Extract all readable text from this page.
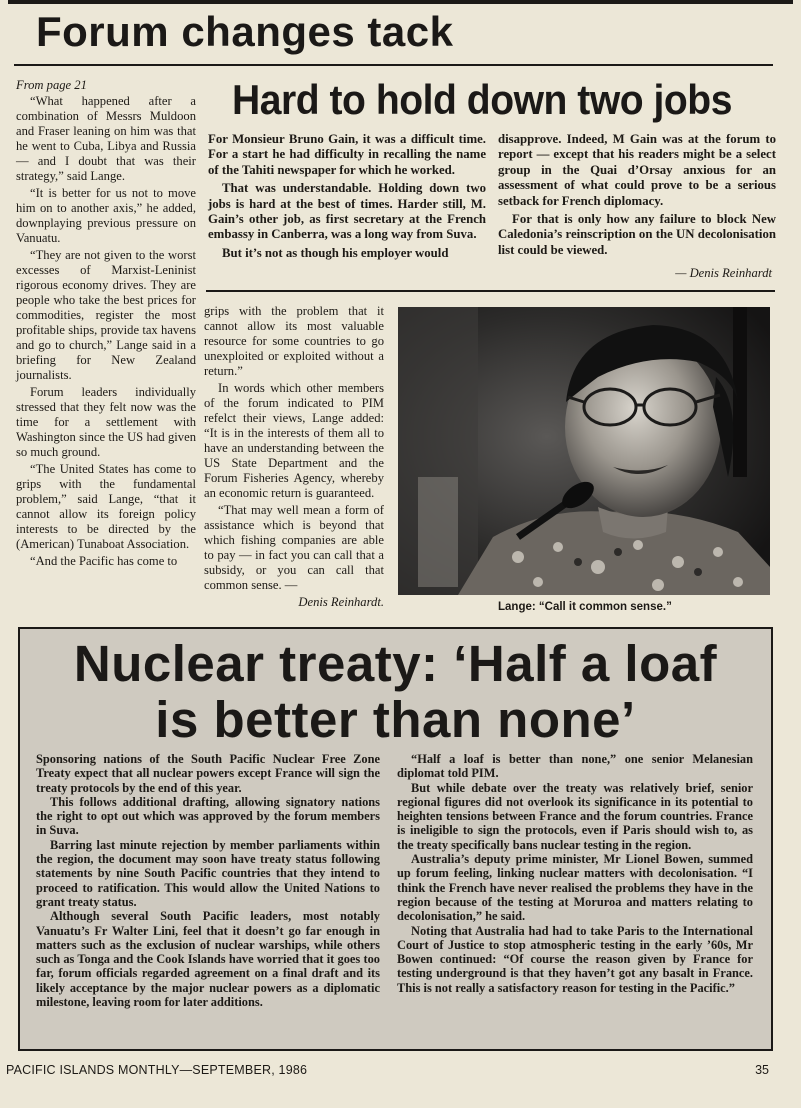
Forum changes tack

From page 21

“What happened after a combination of Messrs Muldoon and Fraser leaning on him was that he went to Cuba, Libya and Russia — and I doubt that was their strategy,” said Lange.

“It is better for us not to move him on to another axis,” he added, downplaying previous pressure on Vanuatu.

“They are not given to the worst excesses of Marxist-Leninist rigorous economy drives. They are people who take the best prices for commodities, register the most profitable ships, provide tax havens and go to church,” Lange said in a briefing for New Zealand journalists.

Forum leaders individually stressed that they felt now was the time for a settlement with Washington since the US had given so much ground.

“The United States has come to grips with the fundamental problem,” said Lange, “that it cannot allow its foreign policy interests to be directed by the (American) Tunaboat Association.

“And the Pacific has come to

Hard to hold down two jobs

For Monsieur Bruno Gain, it was a difficult time. For a start he had difficulty in recalling the name of the Tahiti newspaper for which he worked.

That was understandable. Holding down two jobs is hard at the best of times. Harder still, M. Gain’s other job, as first secretary at the French embassy in Canberra, was a long way from Suva.

But it’s not as though his employer would

disapprove. Indeed, M Gain was at the forum to report — except that his readers might be a select group in the Quai d’Orsay anxious for an assessment of what could prove to be a serious setback for French diplomacy.

For that is only how any failure to block New Caledonia’s reinscription on the UN decolonisation list could be viewed.

— Denis Reinhardt

grips with the problem that it cannot allow its most valuable resource for some countries to go unexploited or exploited without a return.”

In words which other members of the forum indicated to PIM refelct their views, Lange added: “It is in the interests of them all to have an understanding between the US State Department and the Forum Fisheries Agency, whereby an economic return is guaranteed.

“That may well mean a form of assistance which is beyond that which fishing companies are able to pay — in fact you can call that a subsidy, or you can call that common sense. —

Denis Reinhardt.	Lange: “Call it common sense.”
Nuclear treaty: ‘Half a loaf
is better than none’

Sponsoring nations of the South Pacific Nuclear Free Zone Treaty expect that all nuclear powers except France will sign the treaty protocols by the end of this year.

This follows additional drafting, allowing signatory nations the right to opt out which was approved by the forum members in Suva.

Barring last minute rejection by member parliaments within the region, the document may soon have treaty status following statements by nine South Pacific countries that they intend to proceed to ratification. This would allow the United Nations to grant treaty status.

Although several South Pacific leaders, most notably Vanuatu’s Fr Walter Lini, feel that it doesn’t go far enough in matters such as the exclusion of nuclear warships, while others such as Tonga and the Cook Islands have worried that it goes too far, forum officials regarded agreement on a final draft and its likely acceptance by the major nuclear powers as a diplomatic milestone, leaving room for later additions.

“Half a loaf is better than none,” one senior Melanesian diplomat told PIM.

But while debate over the treaty was relatively brief, senior regional figures did not overlook its significance in its potential to heighten tensions between France and the forum countries. France is ineligible to sign the protocols, even if Paris should wish to, as the treaty specifically bans nuclear testing in the region.

Australia’s deputy prime minister, Mr Lionel Bowen, summed up forum feeling, linking nuclear matters with decolonisation. “I think the French have never realised the problems they have in the region because of the testing at Moruroa and matters relating to decolonisation,” he said.

Noting that Australia had had to take Paris to the International Court of Justice to stop atmospheric testing in the early ’60s, Mr Bowen continued: “Of course the reason given by France for testing underground is that they haven’t got any basalt in France. This is not really a satisfactory reason for testing in the Pacific.”

PACIFIC ISLANDS MONTHLY—SEPTEMBER, 1986	35
